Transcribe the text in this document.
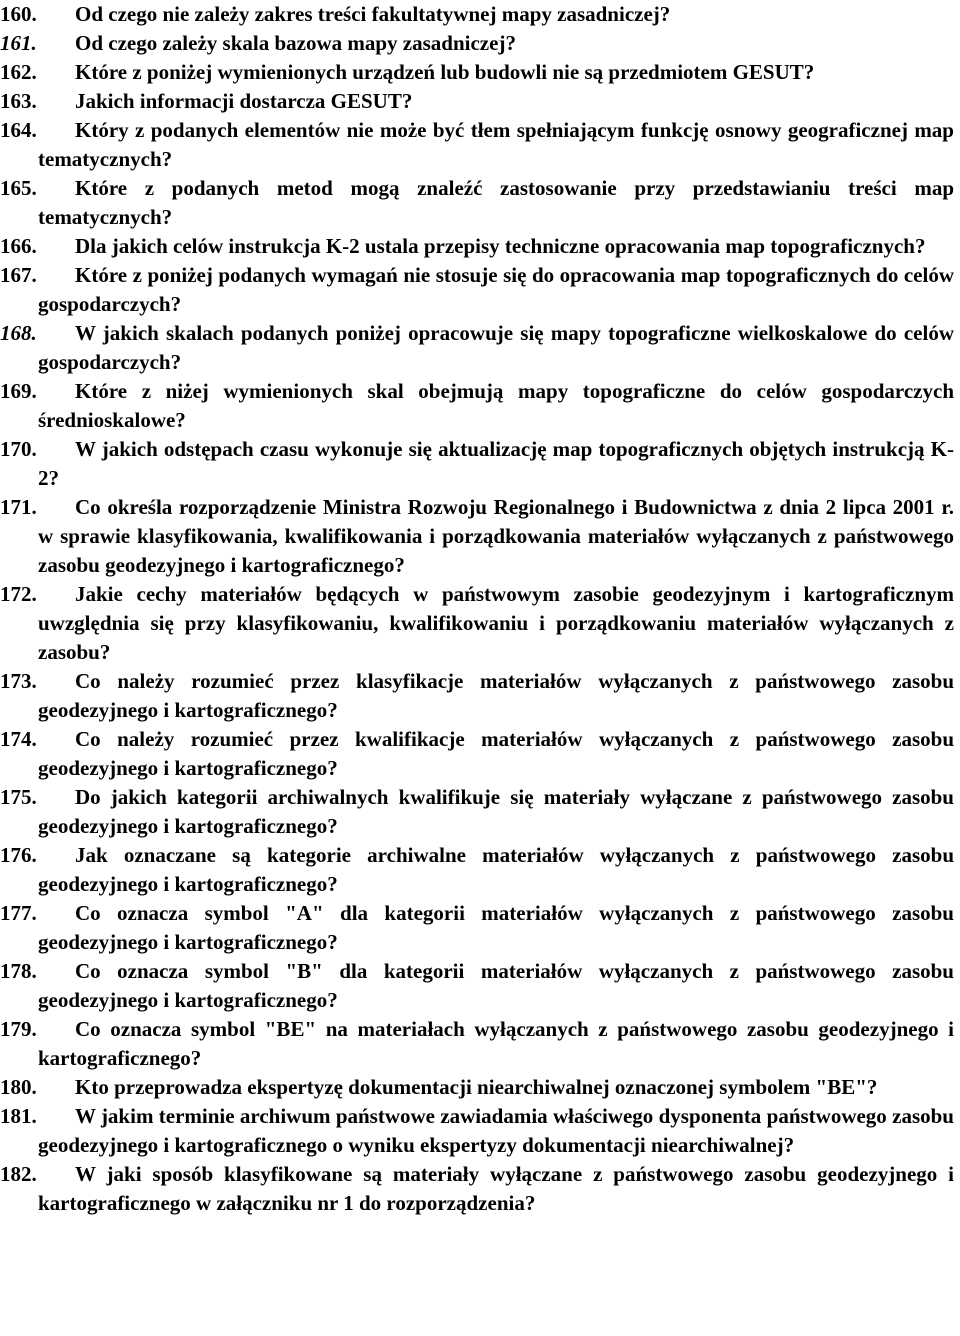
160. Od czego nie zależy zakres treści fakultatywnej mapy zasadniczej?

161. Od czego zależy skala bazowa mapy zasadniczej?

162. Które z poniżej wymienionych urządzeń lub budowli nie są przedmiotem GESUT?

163. Jakich informacji dostarcza GESUT?

164. Który z podanych elementów nie może być tłem spełniającym funkcję osnowy geograficznej map tematycznych?

165. Które z podanych metod mogą znaleźć zastosowanie przy przedstawianiu treści map tematycznych?

166. Dla jakich celów instrukcja K-2 ustala przepisy techniczne opracowania map topograficznych?

167. Które z poniżej podanych wymagań nie stosuje się do opracowania map topograficznych do celów gospodarczych?

168. W jakich skalach podanych poniżej opracowuje się mapy topograficzne wielkoskalowe do celów gospodarczych?

169. Które z niżej wymienionych skal obejmują mapy topograficzne do celów gospodarczych średnioskalowe?

170. W jakich odstępach czasu wykonuje się aktualizację map topograficznych objętych instrukcją K-2?

171. Co określa rozporządzenie Ministra Rozwoju Regionalnego i Budownictwa z dnia 2 lipca 2001 r. w sprawie klasyfikowania, kwalifikowania i porządkowania materiałów wyłączanych z państwowego zasobu geodezyjnego i kartograficznego?

172. Jakie cechy materiałów będących w państwowym zasobie geodezyjnym i kartograficznym uwzględnia się przy klasyfikowaniu, kwalifikowaniu i porządkowaniu materiałów wyłączanych z zasobu?

173. Co należy rozumieć przez klasyfikacje materiałów wyłączanych z państwowego zasobu geodezyjnego i kartograficznego?

174. Co należy rozumieć przez kwalifikacje materiałów wyłączanych z państwowego zasobu geodezyjnego i kartograficznego?

175. Do jakich kategorii archiwalnych kwalifikuje się materiały wyłączane z państwowego zasobu geodezyjnego i kartograficznego?

176. Jak oznaczane są kategorie archiwalne materiałów wyłączanych z państwowego zasobu geodezyjnego i kartograficznego?

177. Co oznacza symbol "A" dla kategorii materiałów wyłączanych z państwowego zasobu geodezyjnego i kartograficznego?

178. Co oznacza symbol "B" dla kategorii materiałów wyłączanych z państwowego zasobu geodezyjnego i kartograficznego?

179. Co oznacza symbol "BE" na materiałach wyłączanych z państwowego zasobu geodezyjnego i kartograficznego?

180. Kto przeprowadza ekspertyzę dokumentacji niearchiwalnej oznaczonej symbolem "BE"?

181. W jakim terminie archiwum państwowe zawiadamia właściwego dysponenta państwowego zasobu geodezyjnego i kartograficznego o wyniku ekspertyzy dokumentacji niearchiwalnej?

182. W jaki sposób klasyfikowane są materiały wyłączane z państwowego zasobu geodezyjnego i kartograficznego w załączniku nr 1 do rozporządzenia?
